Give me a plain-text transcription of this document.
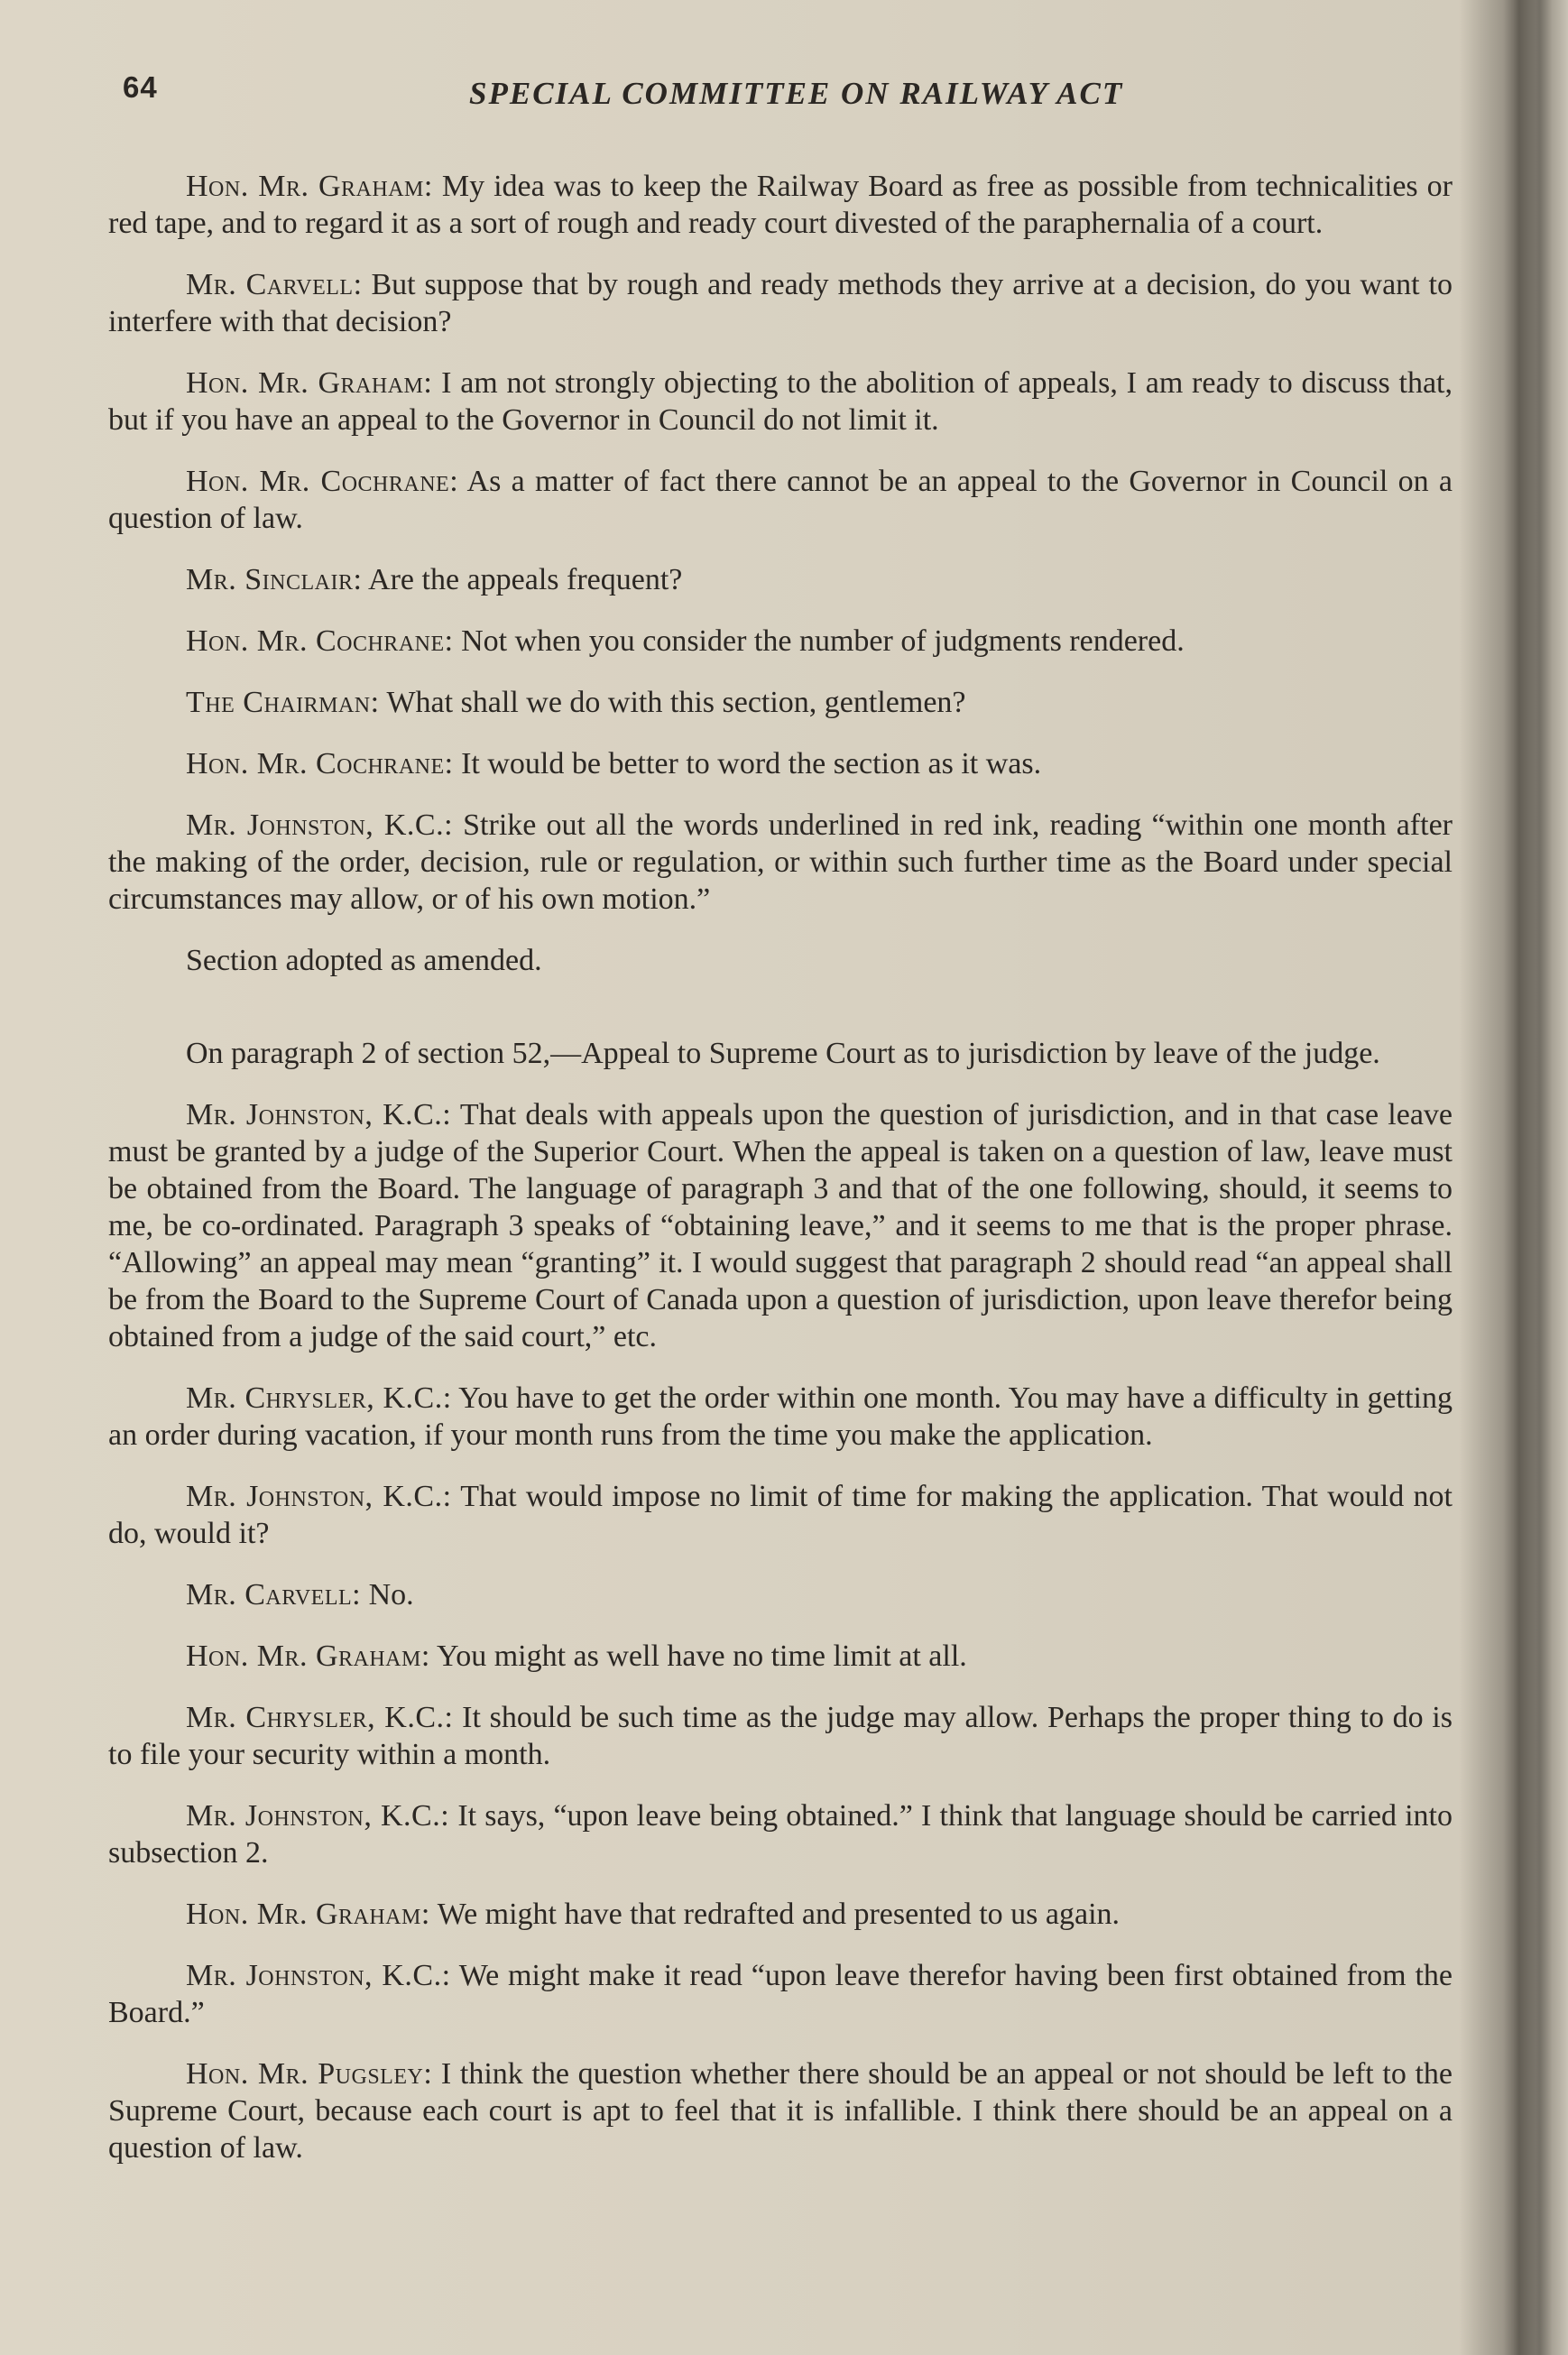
64	SPECIAL COMMITTEE ON RAILWAY ACT

Hon. Mr. Graham: My idea was to keep the Railway Board as free as possible from technicalities or red tape, and to regard it as a sort of rough and ready court divested of the paraphernalia of a court.

Mr. Carvell: But suppose that by rough and ready methods they arrive at a decision, do you want to interfere with that decision?

Hon. Mr. Graham: I am not strongly objecting to the abolition of appeals, I am ready to discuss that, but if you have an appeal to the Governor in Council do not limit it.

Hon. Mr. Cochrane: As a matter of fact there cannot be an appeal to the Governor in Council on a question of law.

Mr. Sinclair: Are the appeals frequent?

Hon. Mr. Cochrane: Not when you consider the number of judgments rendered.

The Chairman: What shall we do with this section, gentlemen?

Hon. Mr. Cochrane: It would be better to word the section as it was.

Mr. Johnston, K.C.: Strike out all the words underlined in red ink, reading “within one month after the making of the order, decision, rule or regulation, or within such further time as the Board under special circumstances may allow, or of his own motion.”

Section adopted as amended.

On paragraph 2 of section 52,—Appeal to Supreme Court as to jurisdiction by leave of the judge.

Mr. Johnston, K.C.: That deals with appeals upon the question of jurisdiction, and in that case leave must be granted by a judge of the Superior Court. When the appeal is taken on a question of law, leave must be obtained from the Board. The language of paragraph 3 and that of the one following, should, it seems to me, be co-ordinated. Paragraph 3 speaks of “obtaining leave,” and it seems to me that is the proper phrase. “Allowing” an appeal may mean “granting” it. I would suggest that paragraph 2 should read “an appeal shall be from the Board to the Supreme Court of Canada upon a question of jurisdiction, upon leave therefor being obtained from a judge of the said court,” etc.

Mr. Chrysler, K.C.: You have to get the order within one month. You may have a difficulty in getting an order during vacation, if your month runs from the time you make the application.

Mr. Johnston, K.C.: That would impose no limit of time for making the application. That would not do, would it?

Mr. Carvell: No.

Hon. Mr. Graham: You might as well have no time limit at all.

Mr. Chrysler, K.C.: It should be such time as the judge may allow. Perhaps the proper thing to do is to file your security within a month.

Mr. Johnston, K.C.: It says, “upon leave being obtained.” I think that language should be carried into subsection 2.

Hon. Mr. Graham: We might have that redrafted and presented to us again.

Mr. Johnston, K.C.: We might make it read “upon leave therefor having been first obtained from the Board.”

Hon. Mr. Pugsley: I think the question whether there should be an appeal or not should be left to the Supreme Court, because each court is apt to feel that it is infallible. I think there should be an appeal on a question of law.
